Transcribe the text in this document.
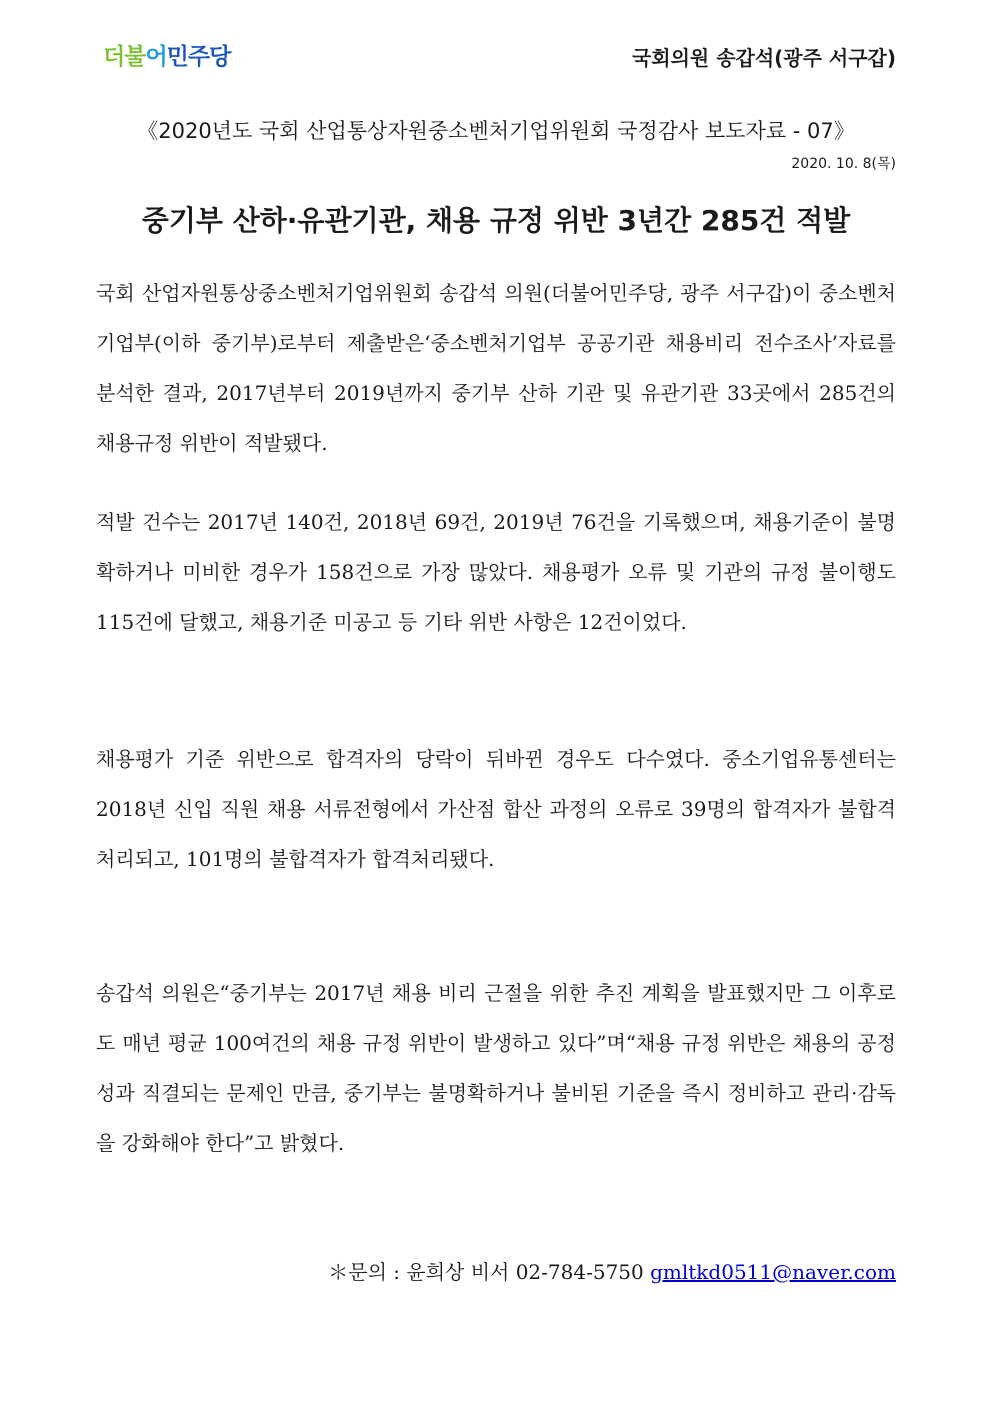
더불어민주당	국회의원 송갑석(광주 서구갑)
《2020년도 국회 산업통상자원중소벤처기업위원회 국정감사 보도자료 - 07》
2020. 10. 8(목)
중기부 산하·유관기관, 채용 규정 위반 3년간 285건 적발

국회 산업자원통상중소벤처기업위원회 송갑석 의원(더불어민주당, 광주 서구갑)이 중소벤처기업부(이하 중기부)로부터 제출받은‘중소벤처기업부 공공기관 채용비리 전수조사’자료를 분석한 결과, 2017년부터 2019년까지 중기부 산하 기관 및 유관기관 33곳에서 285건의 채용규정 위반이 적발됐다.

적발 건수는 2017년 140건, 2018년 69건, 2019년 76건을 기록했으며, 채용기준이 불명확하거나 미비한 경우가 158건으로 가장 많았다. 채용평가 오류 및 기관의 규정 불이행도 115건에 달했고, 채용기준 미공고 등 기타 위반 사항은 12건이었다.

채용평가 기준 위반으로 합격자의 당락이 뒤바뀐 경우도 다수였다. 중소기업유통센터는 2018년 신입 직원 채용 서류전형에서 가산점 합산 과정의 오류로 39명의 합격자가 불합격 처리되고, 101명의 불합격자가 합격처리됐다.

송갑석 의원은“중기부는 2017년 채용 비리 근절을 위한 추진 계획을 발표했지만 그 이후로도 매년 평균 100여건의 채용 규정 위반이 발생하고 있다”며“채용 규정 위반은 채용의 공정성과 직결되는 문제인 만큼, 중기부는 불명확하거나 불비된 기준을 즉시 정비하고 관리·감독을 강화해야 한다”고 밝혔다.

＊문의 : 윤희상 비서 02-784-5750 gmltkd0511@naver.com
